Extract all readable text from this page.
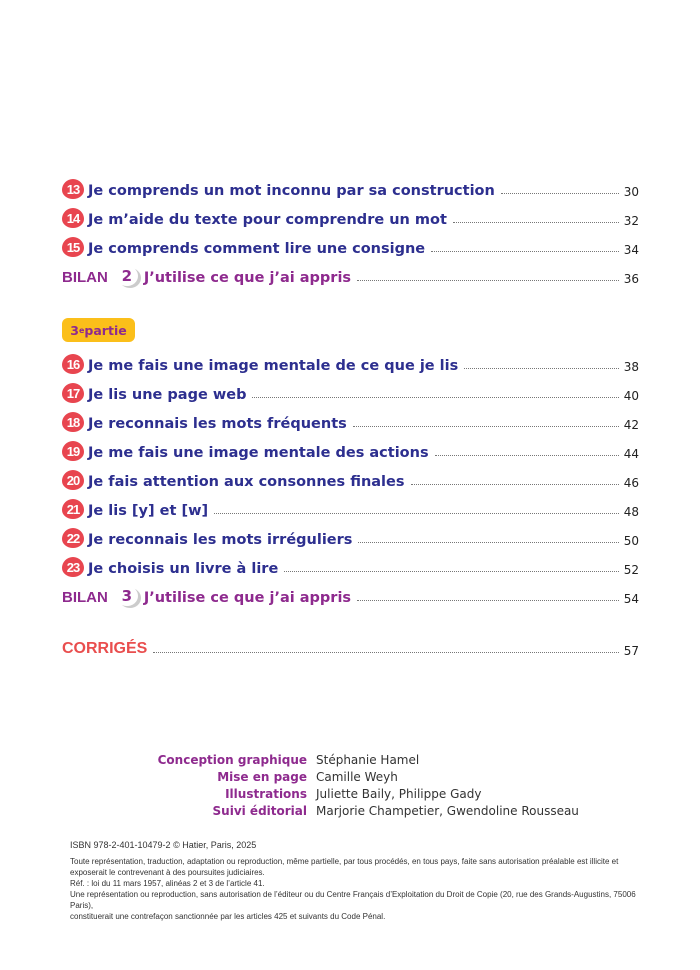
13 Je comprends un mot inconnu par sa construction	30
14 Je m’aide du texte pour comprendre un mot	32
15 Je comprends comment lire une consigne	34
BILAN 2 J’utilise ce que j’ai appris	36
3 e partie
16 Je me fais une image mentale de ce que je lis	38
17 Je lis une page web	40
18 Je reconnais les mots fréquents	42
19 Je me fais une image mentale des actions	44
20 Je fais attention aux consonnes finales	46
21 Je lis [y] et [w]	48
22 Je reconnais les mots irréguliers	50
23 Je choisis un livre à lire	52
BILAN 3 J’utilise ce que j’ai appris	54
CORRIGÉS	57
Conception graphique Stéphanie Hamel
Mise en page Camille Weyh
Illustrations Juliette Baily, Philippe Gady
Suivi éditorial Marjorie Champetier, Gwendoline Rousseau
ISBN 978-2-401-10479-2 © Hatier, Paris, 2025
Toute représentation, traduction, adaptation ou reproduction, même partielle, par tous procédés, en tous pays, faite sans autorisation préalable est illicite et
exposerait le contrevenant à des poursuites judiciaires.
Réf. : loi du 11 mars 1957, alinéas 2 et 3 de l’article 41.
Une représentation ou reproduction, sans autorisation de l’éditeur ou du Centre Français d’Exploitation du Droit de Copie (20, rue des Grands-Augustins, 75006 Paris),
constituerait une contrefaçon sanctionnée par les articles 425 et suivants du Code Pénal.
